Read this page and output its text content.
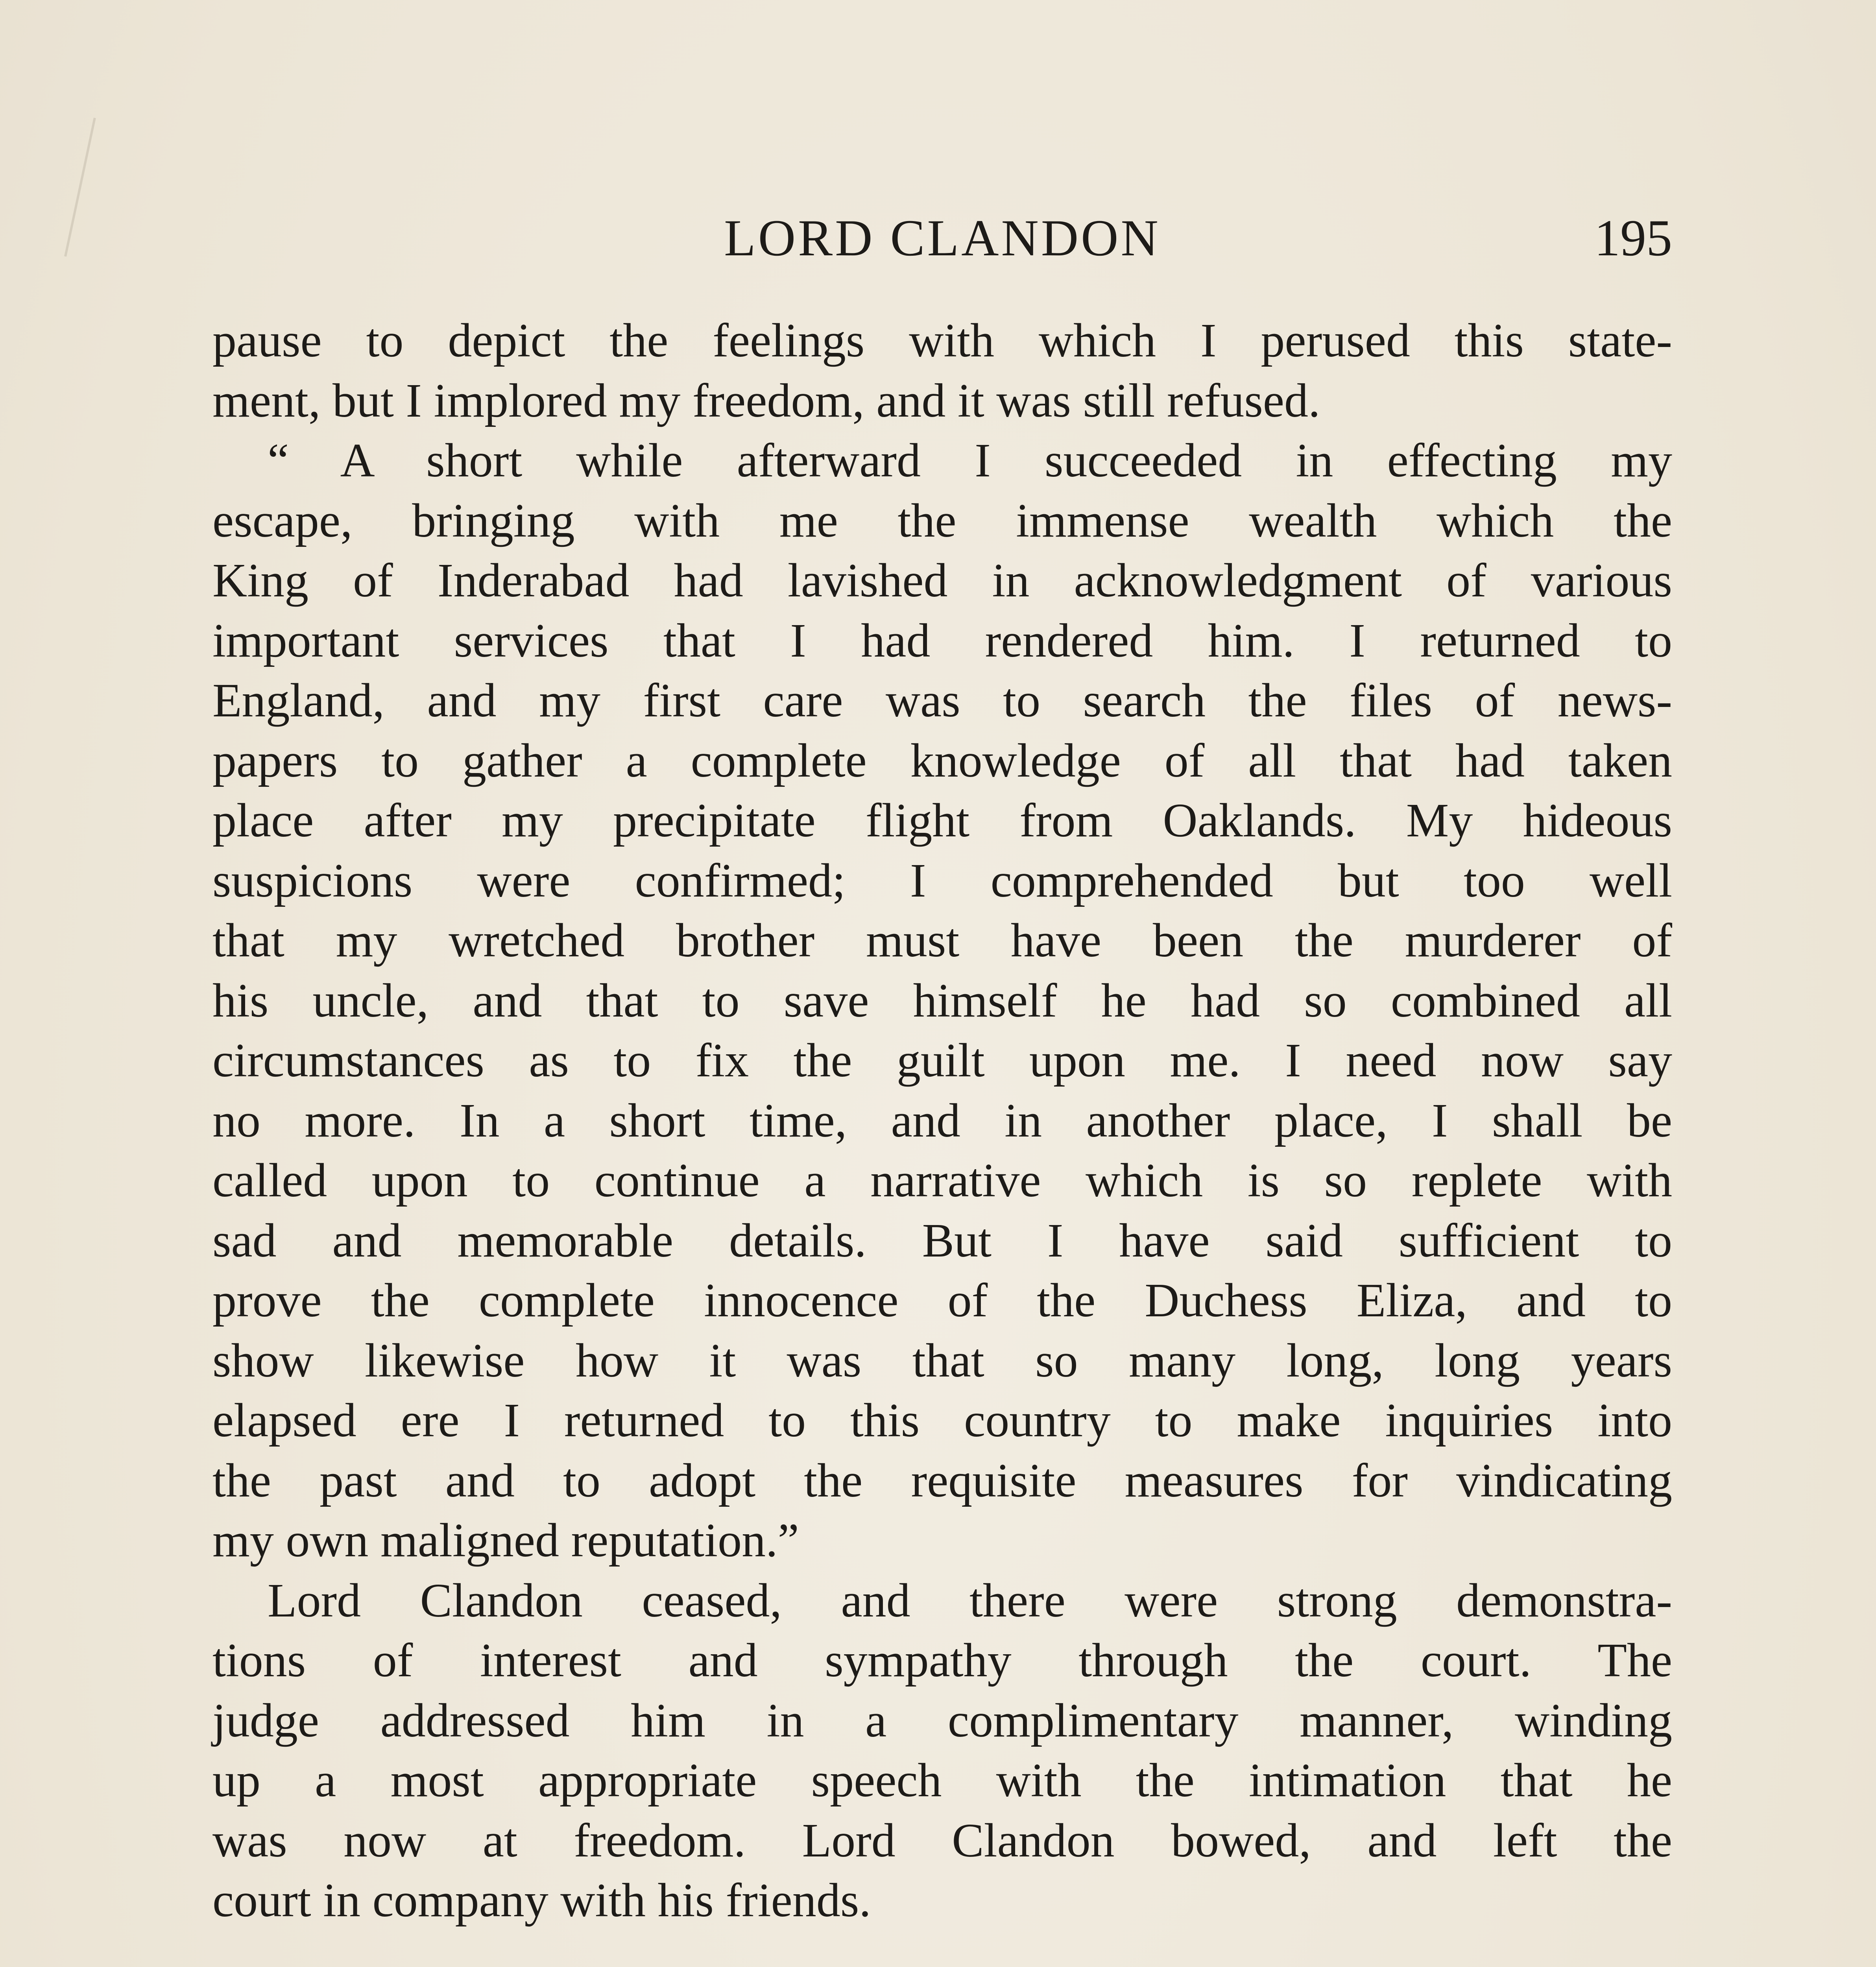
LORD CLANDON	195
pause to depict the feelings with which I perused this state-
ment, but I implored my freedom, and it was still refused.
“ A short while afterward I succeeded in effecting my
escape, bringing with me the immense wealth which the
King of Inderabad had lavished in acknowledgment of various
important services that I had rendered him. I returned to
England, and my first care was to search the files of news-
papers to gather a complete knowledge of all that had taken
place after my precipitate flight from Oaklands. My hideous
suspicions were confirmed; I comprehended but too well
that my wretched brother must have been the murderer of
his uncle, and that to save himself he had so combined all
circumstances as to fix the guilt upon me. I need now say
no more. In a short time, and in another place, I shall be
called upon to continue a narrative which is so replete with
sad and memorable details. But I have said sufficient to
prove the complete innocence of the Duchess Eliza, and to
show likewise how it was that so many long, long years
elapsed ere I returned to this country to make inquiries into
the past and to adopt the requisite measures for vindicating
my own maligned reputation.”
Lord Clandon ceased, and there were strong demonstra-
tions of interest and sympathy through the court. The
judge addressed him in a complimentary manner, winding
up a most appropriate speech with the intimation that he
was now at freedom. Lord Clandon bowed, and left the
court in company with his friends.
